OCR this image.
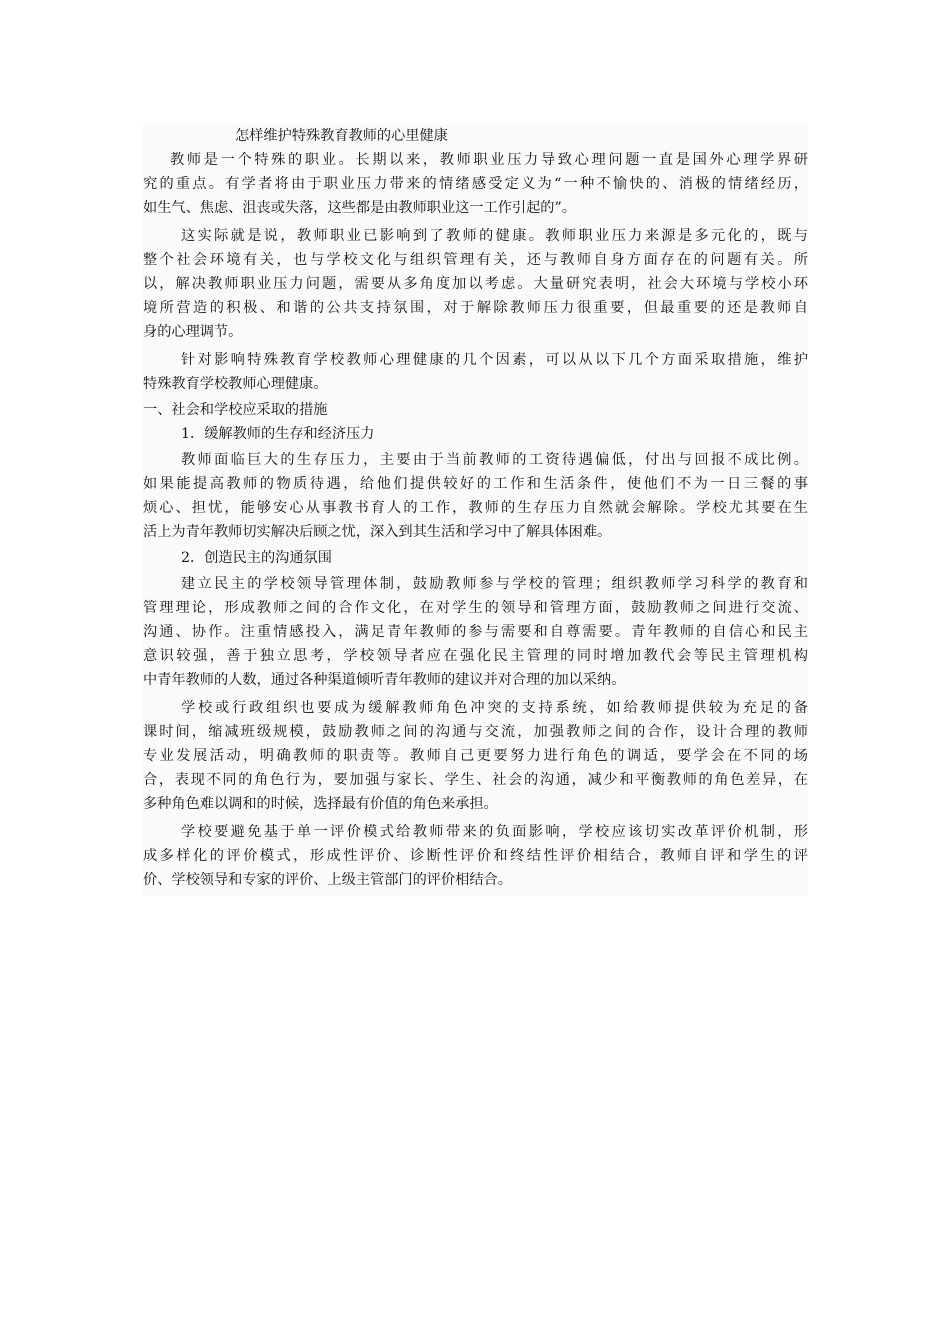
怎样维护特殊教育教师的心里健康
教师是一个特殊的职业。长期以来，教师职业压力导致心理问题一直是国外心理学界研
究的重点。有学者将由于职业压力带来的情绪感受定义为“一种不愉快的、消极的情绪经历，
如生气、焦虑、沮丧或失落，这些都是由教师职业这一工作引起的”。
这实际就是说，教师职业已影响到了教师的健康。教师职业压力来源是多元化的，既与
整个社会环境有关，也与学校文化与组织管理有关，还与教师自身方面存在的问题有关。所
以，解决教师职业压力问题，需要从多角度加以考虑。大量研究表明，社会大环境与学校小环
境所营造的积极、和谐的公共支持氛围，对于解除教师压力很重要，但最重要的还是教师自
身的心理调节。
针对影响特殊教育学校教师心理健康的几个因素，可以从以下几个方面采取措施，维护
特殊教育学校教师心理健康。
一、社会和学校应采取的措施
1．缓解教师的生存和经济压力
教师面临巨大的生存压力，主要由于当前教师的工资待遇偏低，付出与回报不成比例。
如果能提高教师的物质待遇，给他们提供较好的工作和生活条件，使他们不为一日三餐的事
烦心、担忧，能够安心从事教书育人的工作，教师的生存压力自然就会解除。学校尤其要在生
活上为青年教师切实解决后顾之忧，深入到其生活和学习中了解具体困难。
2．创造民主的沟通氛围
建立民主的学校领导管理体制，鼓励教师参与学校的管理；组织教师学习科学的教育和
管理理论，形成教师之间的合作文化，在对学生的领导和管理方面，鼓励教师之间进行交流、
沟通、协作。注重情感投入，满足青年教师的参与需要和自尊需要。青年教师的自信心和民主
意识较强，善于独立思考，学校领导者应在强化民主管理的同时增加教代会等民主管理机构
中青年教师的人数，通过各种渠道倾听青年教师的建议并对合理的加以采纳。
学校或行政组织也要成为缓解教师角色冲突的支持系统，如给教师提供较为充足的备
课时间，缩减班级规模，鼓励教师之间的沟通与交流，加强教师之间的合作，设计合理的教师
专业发展活动，明确教师的职责等。教师自己更要努力进行角色的调适，要学会在不同的场
合，表现不同的角色行为，要加强与家长、学生、社会的沟通，减少和平衡教师的角色差异，在
多种角色难以调和的时候，选择最有价值的角色来承担。
学校要避免基于单一评价模式给教师带来的负面影响，学校应该切实改革评价机制，形
成多样化的评价模式，形成性评价、诊断性评价和终结性评价相结合，教师自评和学生的评
价、学校领导和专家的评价、上级主管部门的评价相结合。
